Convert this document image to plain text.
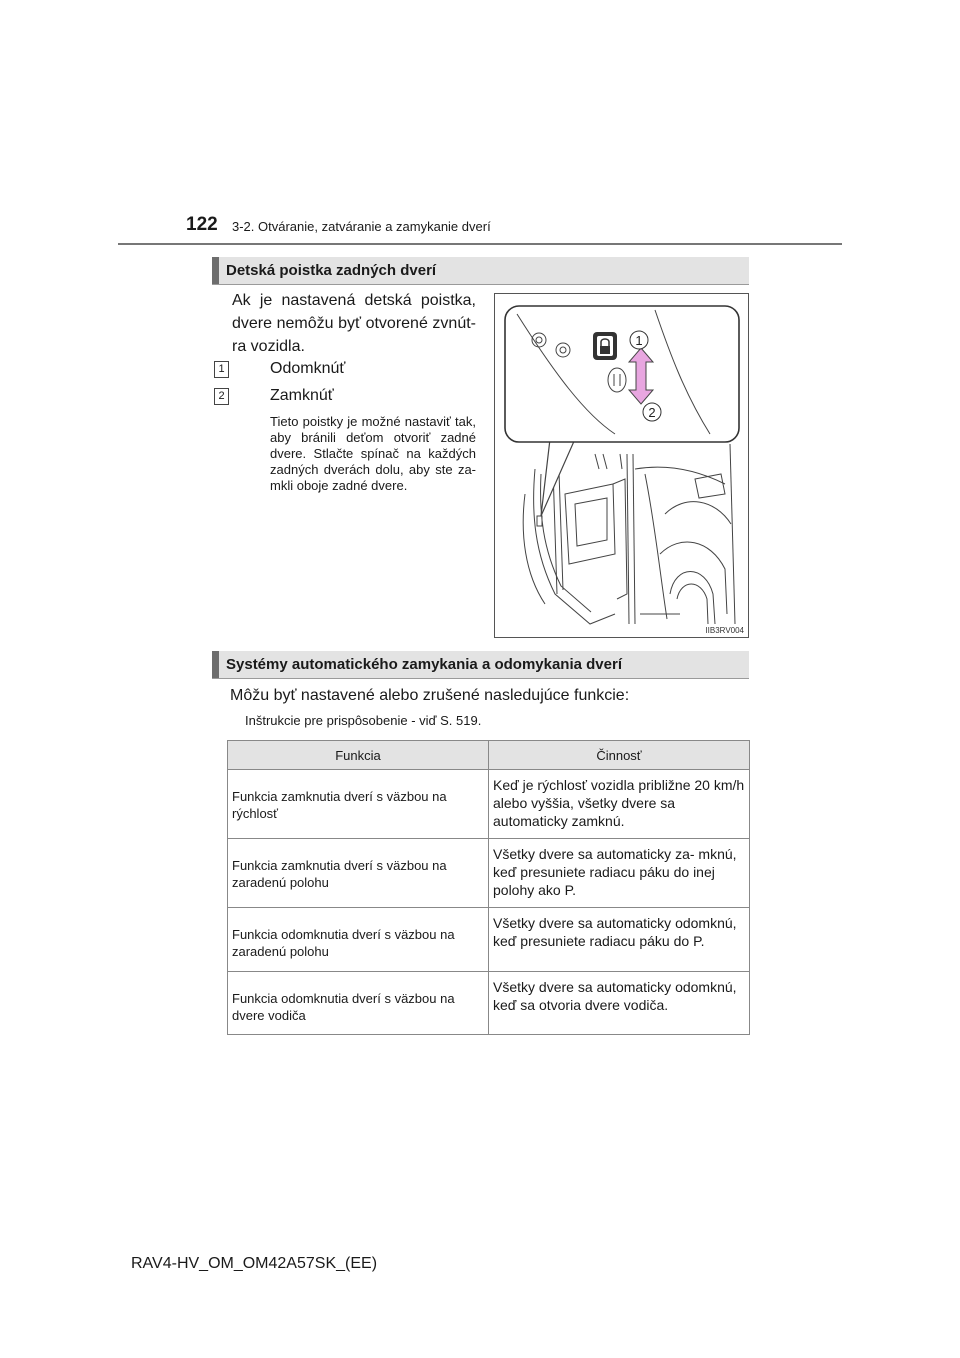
122 3-2. Otváranie, zatváranie a zamykanie dverí
Detská poistka zadných dverí
Ak je nastavená detská poistka, dvere nemôžu byť otvorené zvnút- ra vozidla.
1	Odomknúť
2	Zamknúť
Tieto poistky je možné nastaviť tak, aby bránili deťom otvoriť zadné dvere. Stlačte spínač na každých zadných dverách dolu, aby ste za- mkli oboje zadné dvere.
1
2
IIB3RV004
Systémy automatického zamykania a odomykania dverí
Môžu byť nastavené alebo zrušené nasledujúce funkcie:
Inštrukcie pre prispôsobenie - viď S. 519.
Funkcia	Činnosť
Funkcia zamknutia dverí s väzbou na rýchlosť	Keď je rýchlosť vozidla približne 20 km/h alebo vyššia, všetky dvere sa automaticky zamknú.
Funkcia zamknutia dverí s väzbou na zaradenú polohu	Všetky dvere sa automaticky za- mknú, keď presuniete radiacu páku do inej polohy ako P.
Funkcia odomknutia dverí s väzbou na zaradenú polohu	Všetky dvere sa automaticky odomknú, keď presuniete radiacu páku do P.
Funkcia odomknutia dverí s väzbou na dvere vodiča	Všetky dvere sa automaticky odomknú, keď sa otvoria dvere vodiča.
RAV4-HV_OM_OM42A57SK_(EE)
